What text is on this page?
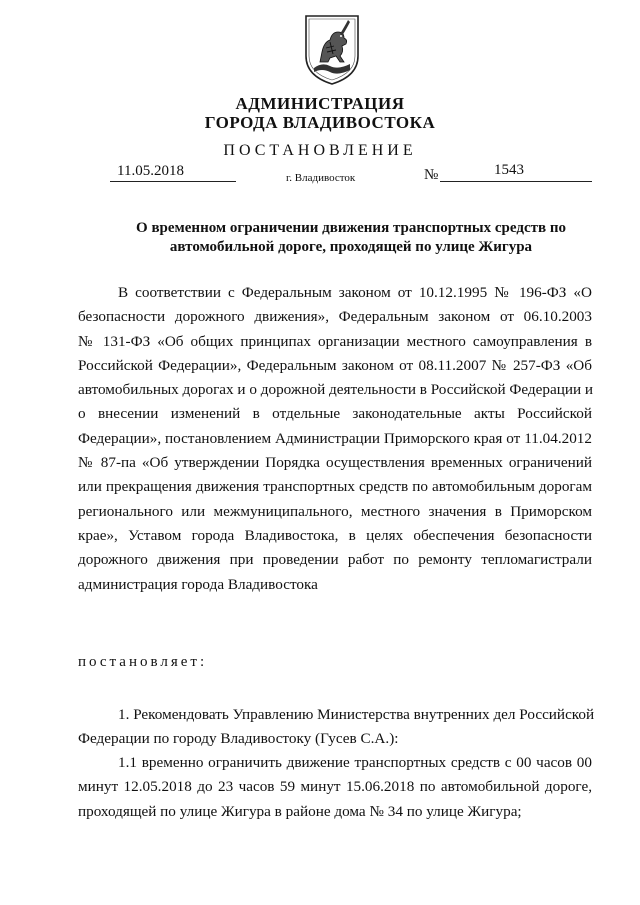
АДМИНИСТРАЦИЯ
ГОРОДА ВЛАДИВОСТОКА
ПОСТАНОВЛЕНИЕ
11.05.2018	г. Владивосток	№	1543
О временном ограничении движения транспортных средств по
автомобильной дороге, проходящей по улице Жигура
В соответствии с Федеральным законом от 10.12.1995 № 196-ФЗ «О
безопасности дорожного движения», Федеральным законом от 06.10.2003
№ 131-ФЗ «Об общих принципах организации местного самоуправления в
Российской Федерации», Федеральным законом от 08.11.2007 № 257-ФЗ «Об
автомобильных дорогах и о дорожной деятельности в Российской Федерации и
о внесении изменений в отдельные законодательные акты Российской
Федерации», постановлением Администрации Приморского края от 11.04.2012
№ 87-па «Об утверждении Порядка осуществления временных ограничений
или прекращения движения транспортных средств по автомобильным дорогам
регионального или межмуниципального, местного значения в Приморском
крае», Уставом города Владивостока, в целях обеспечения безопасности
дорожного движения при проведении работ по ремонту тепломагистрали
администрация города Владивостока
постановляет:
1. Рекомендовать Управлению Министерства внутренних дел Российской
Федерации по городу Владивостоку (Гусев С.А.):
1.1 временно ограничить движение транспортных средств с 00 часов 00
минут 12.05.2018 до 23 часов 59 минут 15.06.2018 по автомобильной дороге,
проходящей по улице Жигура в районе дома № 34 по улице Жигура;
